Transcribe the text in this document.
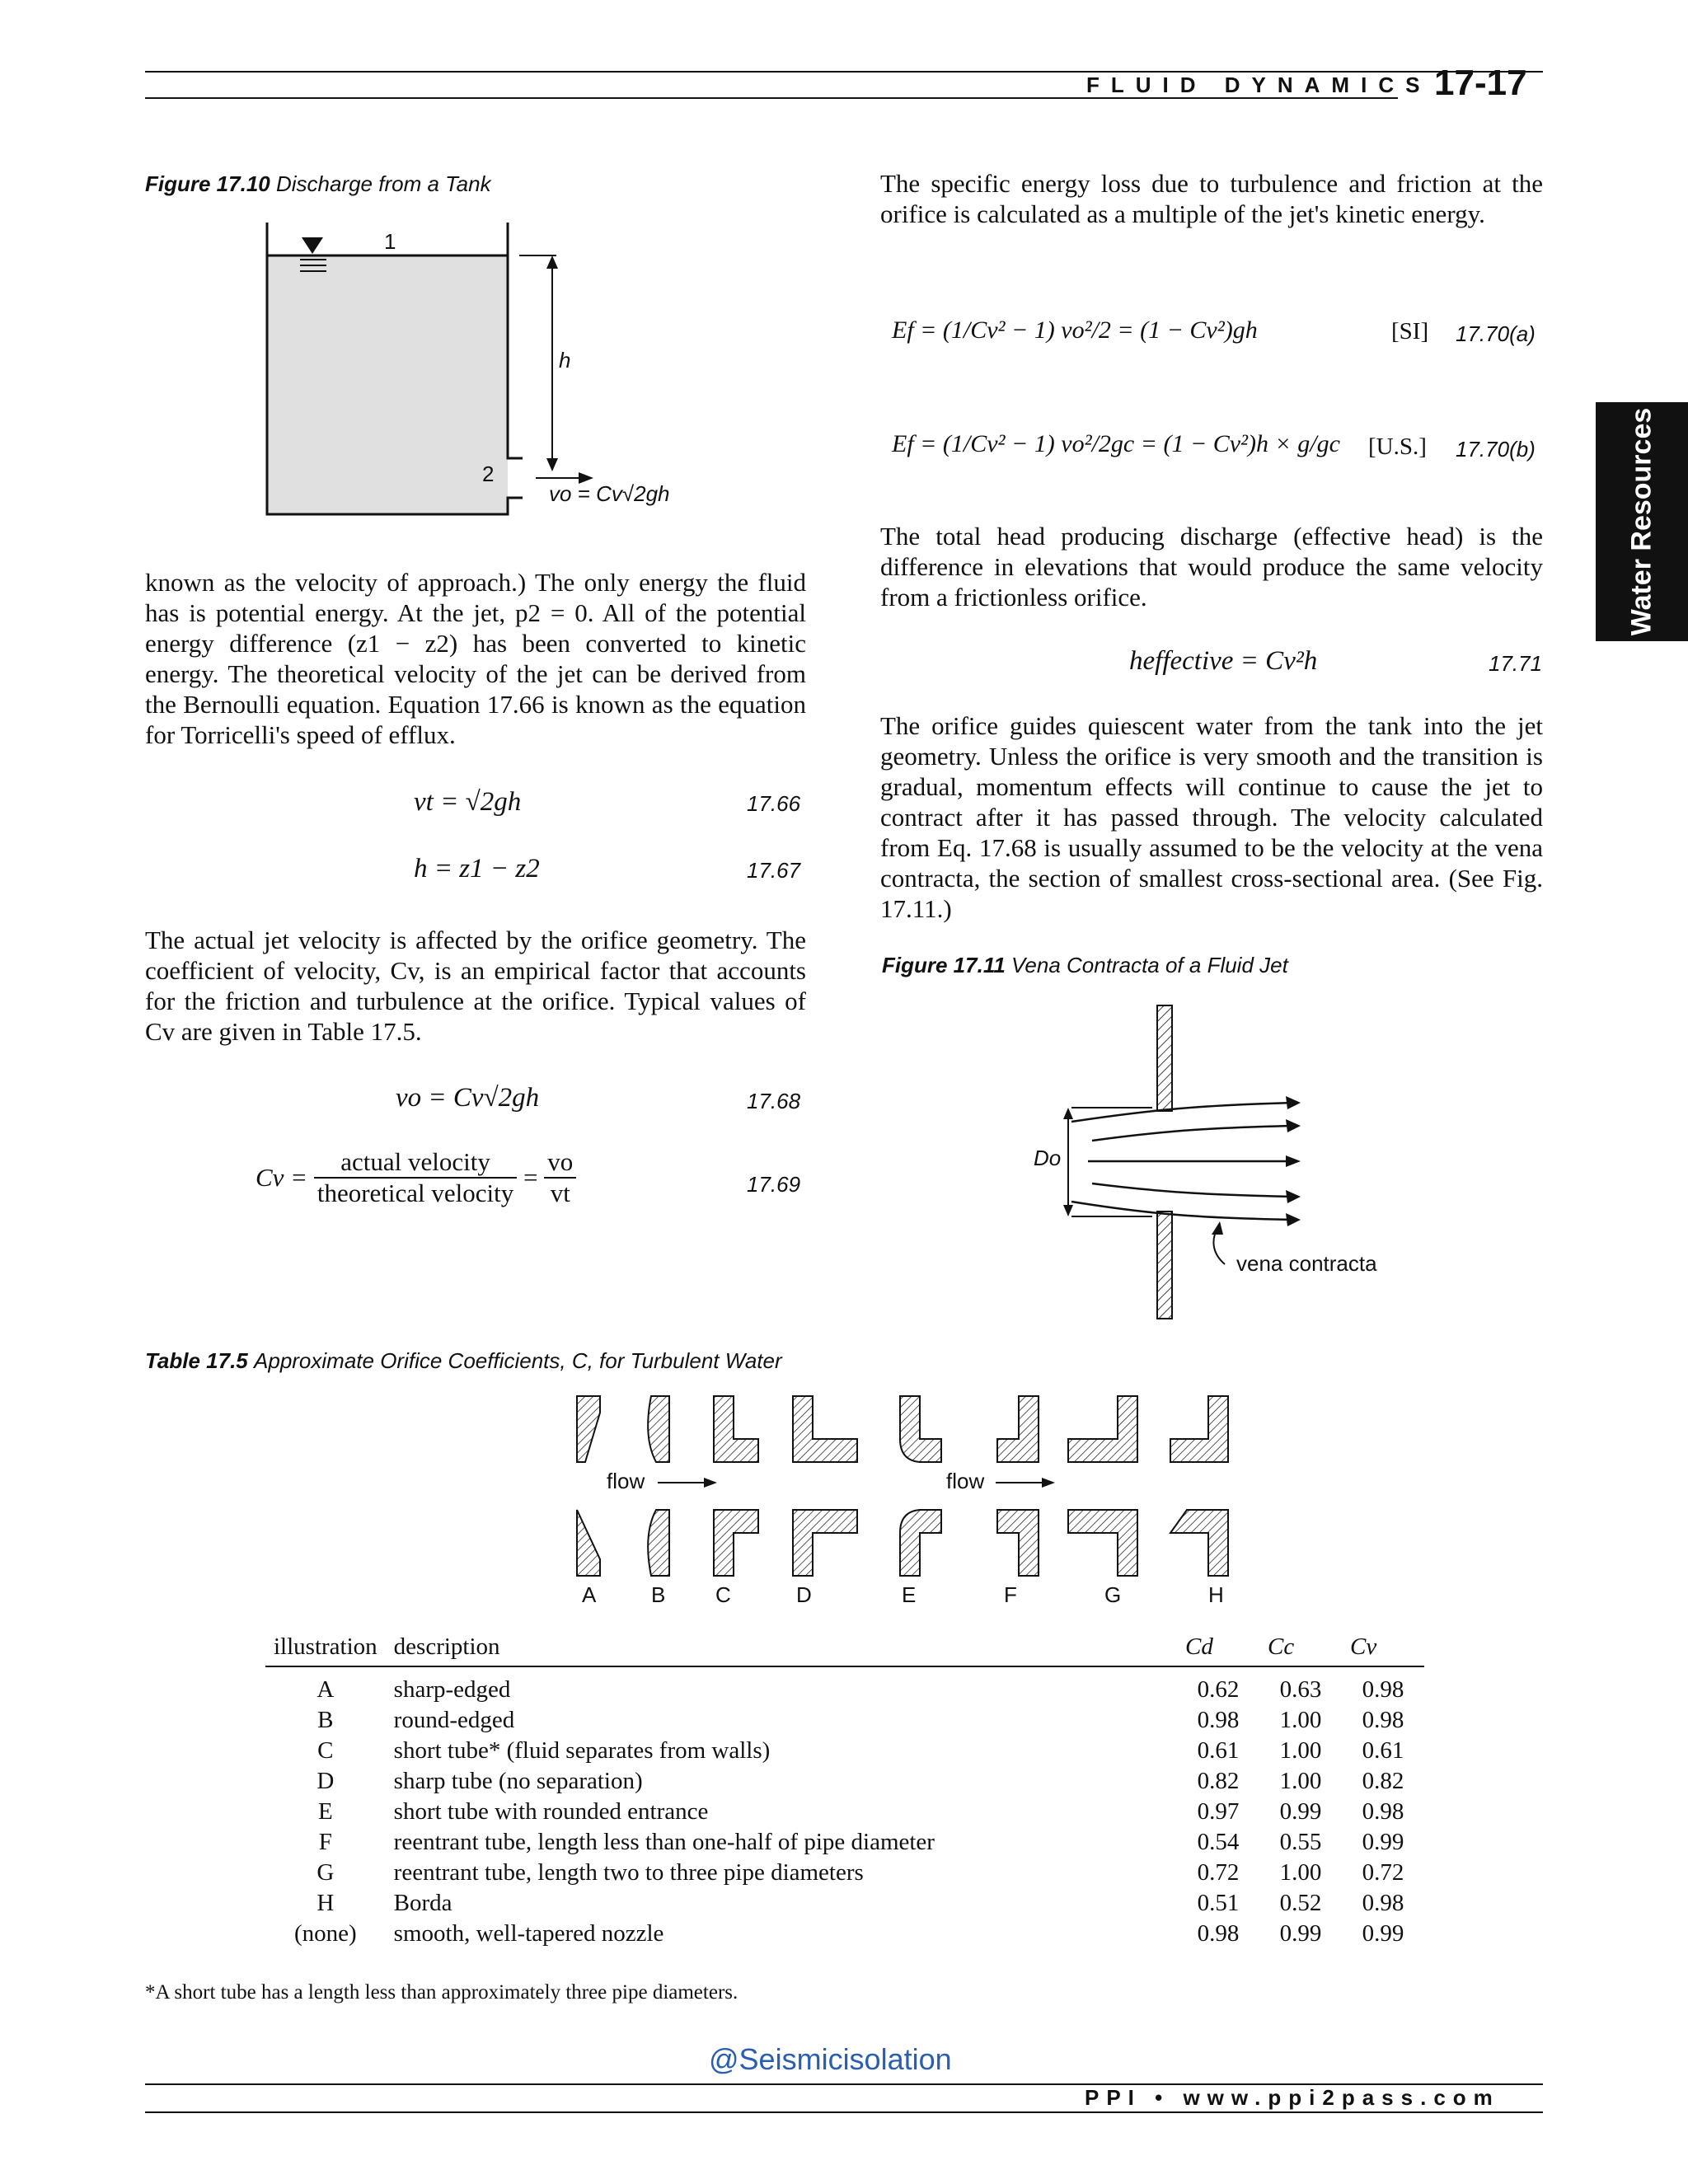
FLUID DYNAMICS 17-17
Water Resources
Figure 17.10 Discharge from a Tank
1
h
2
vo = Cv√2gh
known as the velocity of approach.) The only energy the fluid has is potential energy. At the jet, p2 = 0. All of the potential energy difference (z1 − z2) has been converted to kinetic energy. The theoretical velocity of the jet can be derived from the Bernoulli equation. Equation 17.66 is known as the equation for Torricelli's speed of efflux.
vt = √2gh	17.66
h = z1 − z2	17.67
The actual jet velocity is affected by the orifice geometry. The coefficient of velocity, Cv, is an empirical factor that accounts for the friction and turbulence at the orifice. Typical values of Cv are given in Table 17.5.
vo = Cv√2gh	17.68
$Cv = \frac{\text{actual velocity}}{\text{theoretical velocity}} = \frac{vo}{vt}$	17.69
The specific energy loss due to turbulence and friction at the orifice is calculated as a multiple of the jet's kinetic energy.
Ef = (1/Cv² − 1) vo²/2 = (1 − Cv²)gh	[SI] 17.70(a)
Ef = (1/Cv² − 1) vo²/2gc = (1 − Cv²)h × g/gc [U.S.] 17.70(b)
The total head producing discharge (effective head) is the difference in elevations that would produce the same velocity from a frictionless orifice.
heffective = Cv²h	17.71
The orifice guides quiescent water from the tank into the jet geometry. Unless the orifice is very smooth and the transition is gradual, momentum effects will continue to cause the jet to contract after it has passed through. The velocity calculated from Eq. 17.68 is usually assumed to be the velocity at the vena contracta, the section of smallest cross-sectional area. (See Fig. 17.11.)
Figure 17.11 Vena Contracta of a Fluid Jet
Do
vena contracta
Table 17.5 Approximate Orifice Coefficients, C, for Turbulent Water
flow	flow
A	B C	D	E	F	G	H
illustration	description	Cd	Cc	Cv
A	sharp-edged	0.62	0.63	0.98
B	round-edged	0.98	1.00	0.98
C	short tube* (fluid separates from walls)	0.61	1.00	0.61
D	sharp tube (no separation)	0.82	1.00	0.82
E	short tube with rounded entrance	0.97	0.99	0.98
F	reentrant tube, length less than one-half of pipe diameter	0.54	0.55	0.99
G	reentrant tube, length two to three pipe diameters	0.72	1.00	0.72
H	Borda	0.51	0.52	0.98
(none)	smooth, well-tapered nozzle	0.98	0.99	0.99
*A short tube has a length less than approximately three pipe diameters.
@Seismicisolation
PPI • www.ppi2pass.com
